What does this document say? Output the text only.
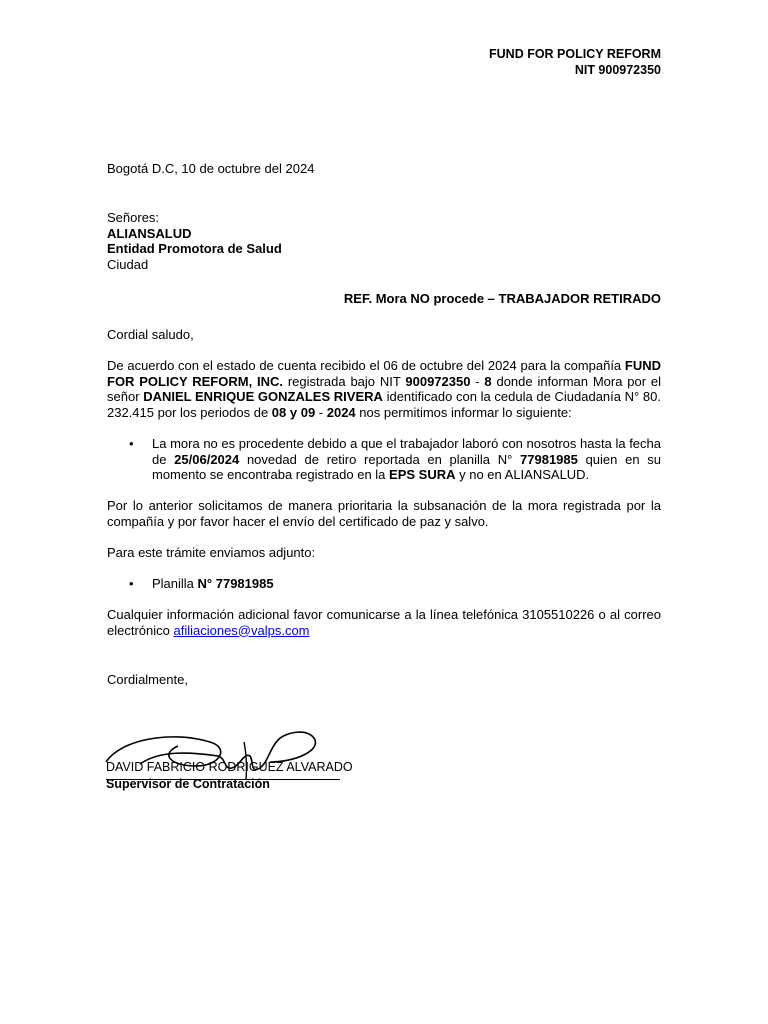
FUND FOR POLICY REFORM
NIT 900972350
Bogotá D.C, 10 de octubre del 2024
Señores:
ALIANSALUD
Entidad Promotora de Salud
Ciudad
REF. Mora NO procede – TRABAJADOR RETIRADO
Cordial saludo,
De acuerdo con el estado de cuenta recibido el 06 de octubre del 2024 para la compañía FUND FOR POLICY REFORM, INC. registrada bajo NIT 900972350 - 8 donde informan Mora por el señor DANIEL ENRIQUE GONZALES RIVERA identificado con la cedula de Ciudadanía N° 80. 232.415 por los periodos de 08 y 09 - 2024 nos permitimos informar lo siguiente:
• La mora no es procedente debido a que el trabajador laboró con nosotros hasta la fecha de 25/06/2024 novedad de retiro reportada en planilla N° 77981985 quien en su momento se encontraba registrado en la EPS SURA y no en ALIANSALUD.
Por lo anterior solicitamos de manera prioritaria la subsanación de la mora registrada por la compañía y por favor hacer el envío del certificado de paz y salvo.
Para este trámite enviamos adjunto:
• Planilla N° 77981985
Cualquier información adicional favor comunicarse a la línea telefónica 3105510226 o al correo electrónico afiliaciones@valps.com
Cordialmente,
DAVID FABRICIO RODRIGUEZ ALVARADO
Supervisor de Contratación
